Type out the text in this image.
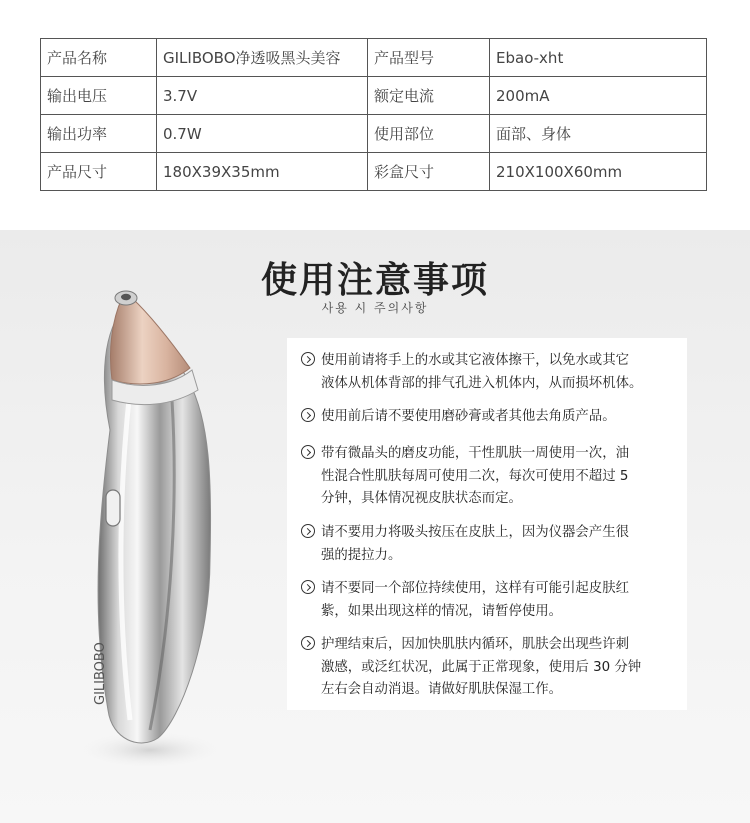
产品名称	GILIBOBO净透吸黑头美容	产品型号	Ebao-xht
输出电压	3.7V	额定电流	200mA
输出功率	0.7W	使用部位	面部、身体
产品尺寸	180X39X35mm	彩盒尺寸	210X100X60mm
使用注意事项
사용 시 주의사항
GILIBOBO
使用前请将手上的水或其它液体擦干，以免水或其它
液体从机体背部的排气孔进入机体内，从而损坏机体。
使用前后请不要使用磨砂膏或者其他去角质产品。
带有微晶头的磨皮功能，干性肌肤一周使用一次，油
性混合性肌肤每周可使用二次，每次可使用不超过 5
分钟，具体情况视皮肤状态而定。
请不要用力将吸头按压在皮肤上，因为仪器会产生很
强的提拉力。
请不要同一个部位持续使用，这样有可能引起皮肤红
紫，如果出现这样的情况，请暂停使用。
护理结束后，因加快肌肤内循环，肌肤会出现些许刺
激感，或泛红状况，此属于正常现象，使用后 30 分钟
左右会自动消退。请做好肌肤保湿工作。
